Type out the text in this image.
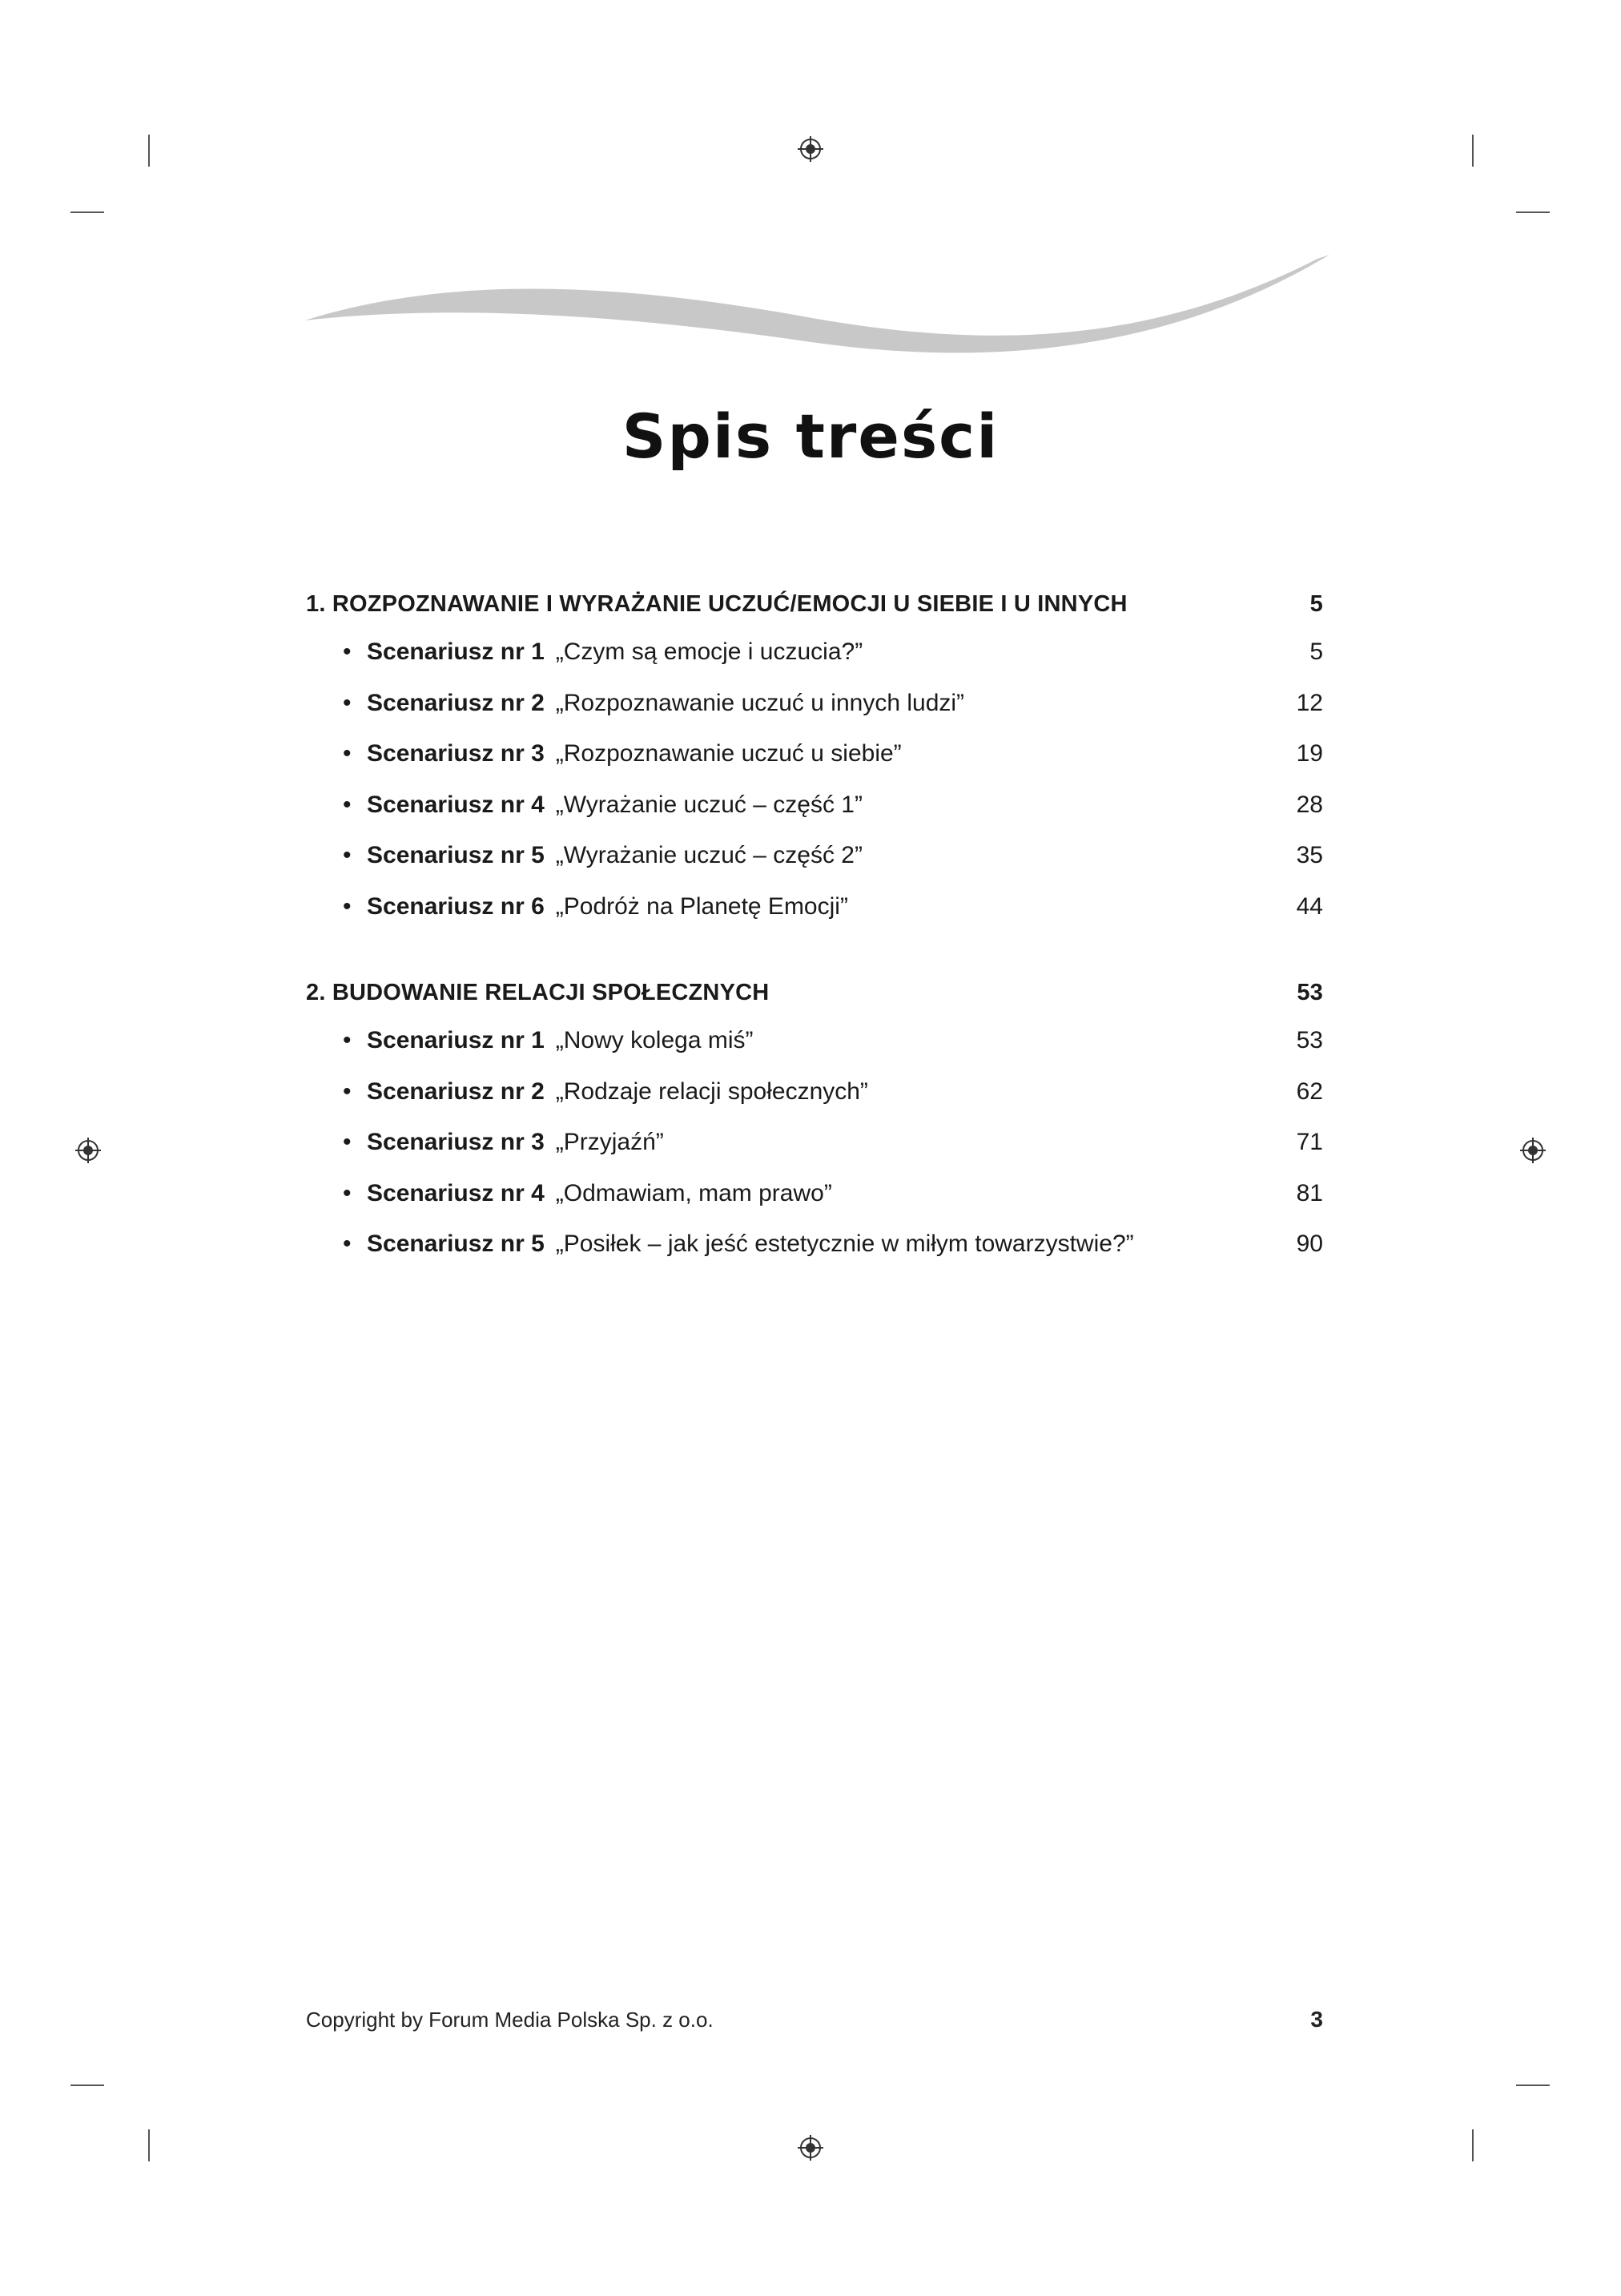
Spis treści
1. ROZPOZNAWANIE I WYRAŻANIE UCZUĆ/EMOCJI U SIEBIE I U INNYCH	5
• Scenariusz nr 1 „Czym są emocje i uczucia?”	5
• Scenariusz nr 2 „Rozpoznawanie uczuć u innych ludzi”	12
• Scenariusz nr 3 „Rozpoznawanie uczuć u siebie”	19
• Scenariusz nr 4 „Wyrażanie uczuć – część 1”	28
• Scenariusz nr 5 „Wyrażanie uczuć – część 2”	35
• Scenariusz nr 6 „Podróż na Planetę Emocji”	44
2. BUDOWANIE RELACJI SPOŁECZNYCH	53
• Scenariusz nr 1 „Nowy kolega miś”	53
• Scenariusz nr 2 „Rodzaje relacji społecznych”	62
• Scenariusz nr 3 „Przyjaźń”	71
• Scenariusz nr 4 „Odmawiam, mam prawo”	81
• Scenariusz nr 5 „Posiłek – jak jeść estetycznie w miłym towarzystwie?”	90
Copyright by Forum Media Polska Sp. z o.o.	3
